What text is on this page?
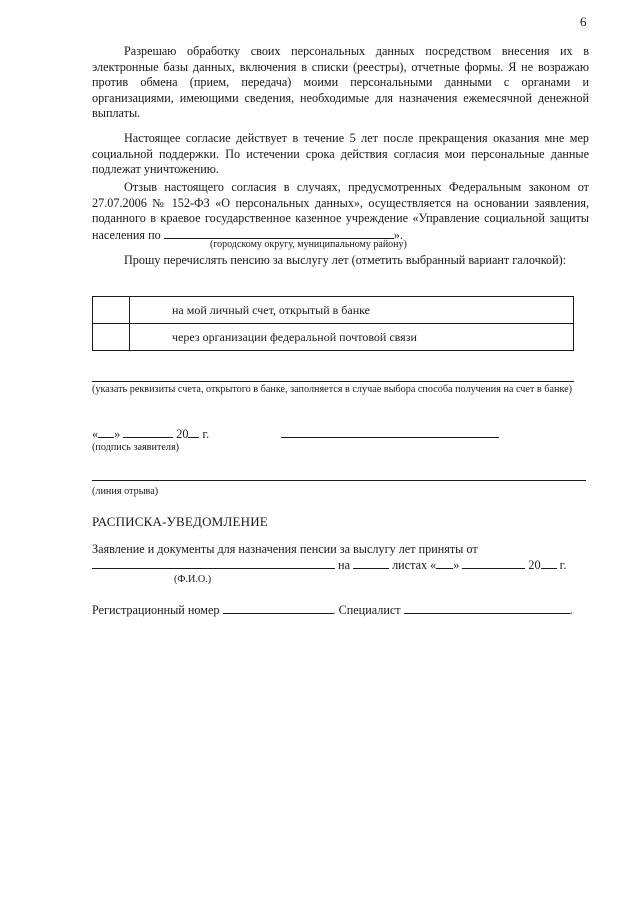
6

Разрешаю обработку своих персональных данных посредством внесения их в электронные базы данных, включения в списки (реестры), отчетные формы. Я не возражаю против обмена (прием, передача) моими персональными данными с органами и организациями, имеющими сведения, необходимые для назначения ежемесячной денежной выплаты.

Настоящее согласие действует в течение 5 лет после прекращения оказания мне мер социальной поддержки. По истечении срока действия согласия мои персональные данные подлежат уничтожению.

Отзыв настоящего согласия в случаях, предусмотренных Федеральным законом от 27.07.2006 № 152-ФЗ «О персональных данных», осуществляется на основании заявления, поданного в краевое государственное казенное учреждение «Управление социальной защиты населения по	».

(городскому округу, муниципальному району)

Прошу перечислять пенсию за выслугу лет (отметить выбранный вариант галочкой):

	на мой личный счет, открытый в банке
	через организации федеральной почтовой связи
(указать реквизиты счета, открытого в банке, заполняется в случае выбора способа получения на счет в банке)
« »	20 г.
(подпись заявителя)
(линия отрыва)
РАСПИСКА-УВЕДОМЛЕНИЕ
Заявление и документы для назначения пенсии за выслугу лет приняты от
на	листах « »	20 г.
(Ф.И.О.)
Регистрационный номер	. Специалист	.
